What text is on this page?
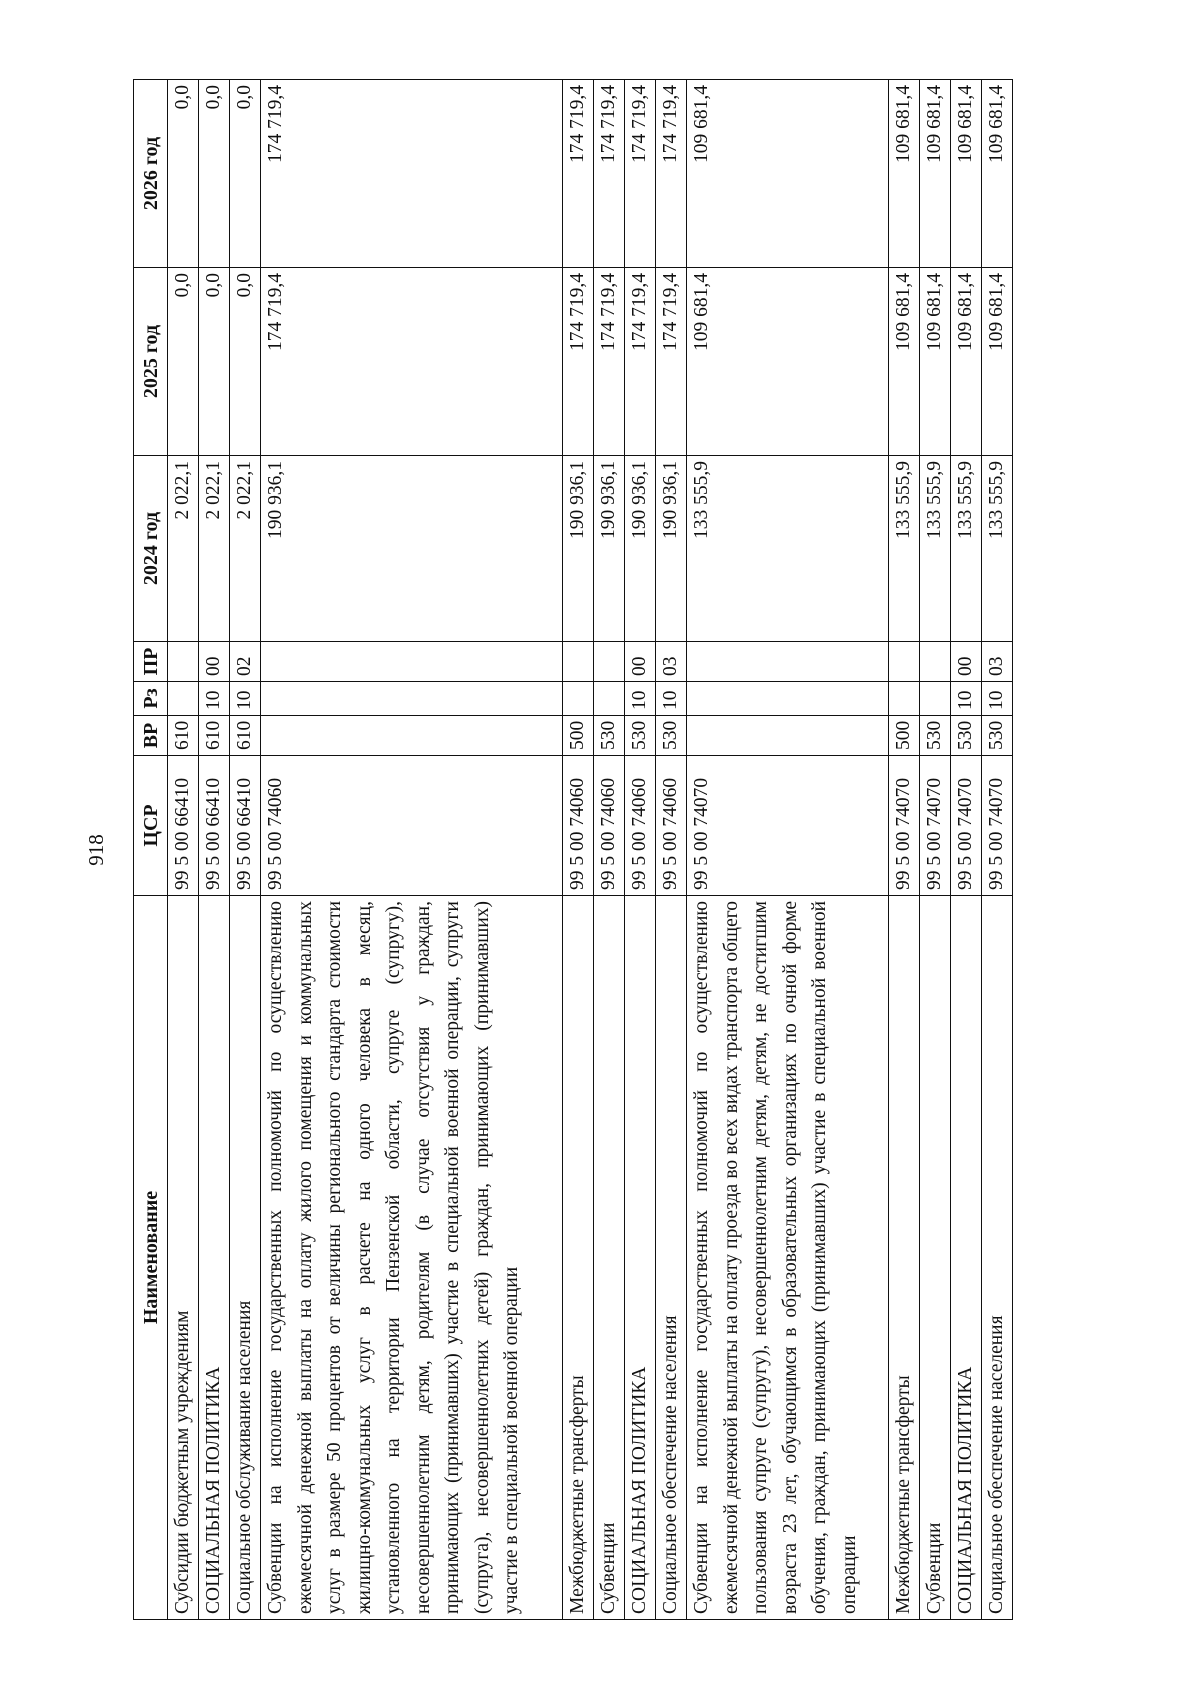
918
Наименование	ЦСР	ВР	Рз	ПР	2024 год	2025 год	2026 год
Субсидии бюджетным учреждениям	99 5 00 66410	610			2 022,1	0,0	0,0
СОЦИАЛЬНАЯ ПОЛИТИКА	99 5 00 66410	610	10	00	2 022,1	0,0	0,0
Социальное обслуживание населения	99 5 00 66410	610	10	02	2 022,1	0,0	0,0
Субвенции на исполнение государственных полномочий по осуществлению ежемесячной денежной выплаты на оплату жилого помещения и коммунальных услуг в размере 50 процентов от величины регионального стандарта стоимости жилищно-коммунальных услуг в расчете на одного человека в месяц, установленного на территории Пензенской области, супруге (супругу), несовершеннолетним детям, родителям (в случае отсутствия у граждан, принимающих (принимавших) участие в специальной военной операции, супруги (супруга), несовершеннолетних детей) граждан, принимающих (принимавших) участие в специальной военной операции	99 5 00 74060				190 936,1	174 719,4	174 719,4
Межбюджетные трансферты	99 5 00 74060	500			190 936,1	174 719,4	174 719,4
Субвенции	99 5 00 74060	530			190 936,1	174 719,4	174 719,4
СОЦИАЛЬНАЯ ПОЛИТИКА	99 5 00 74060	530	10	00	190 936,1	174 719,4	174 719,4
Социальное обеспечение населения	99 5 00 74060	530	10	03	190 936,1	174 719,4	174 719,4
Субвенции на исполнение государственных полномочий по осуществлению ежемесячной денежной выплаты на оплату проезда во всех видах транспорта общего пользования супруге (супругу), несовершеннолетним детям, детям, не достигшим возраста 23 лет, обучающимся в образовательных организациях по очной форме обучения, граждан, принимающих (принимавших) участие в специальной военной операции	99 5 00 74070				133 555,9	109 681,4	109 681,4
Межбюджетные трансферты	99 5 00 74070	500			133 555,9	109 681,4	109 681,4
Субвенции	99 5 00 74070	530			133 555,9	109 681,4	109 681,4
СОЦИАЛЬНАЯ ПОЛИТИКА	99 5 00 74070	530	10	00	133 555,9	109 681,4	109 681,4
Социальное обеспечение населения	99 5 00 74070	530	10	03	133 555,9	109 681,4	109 681,4
